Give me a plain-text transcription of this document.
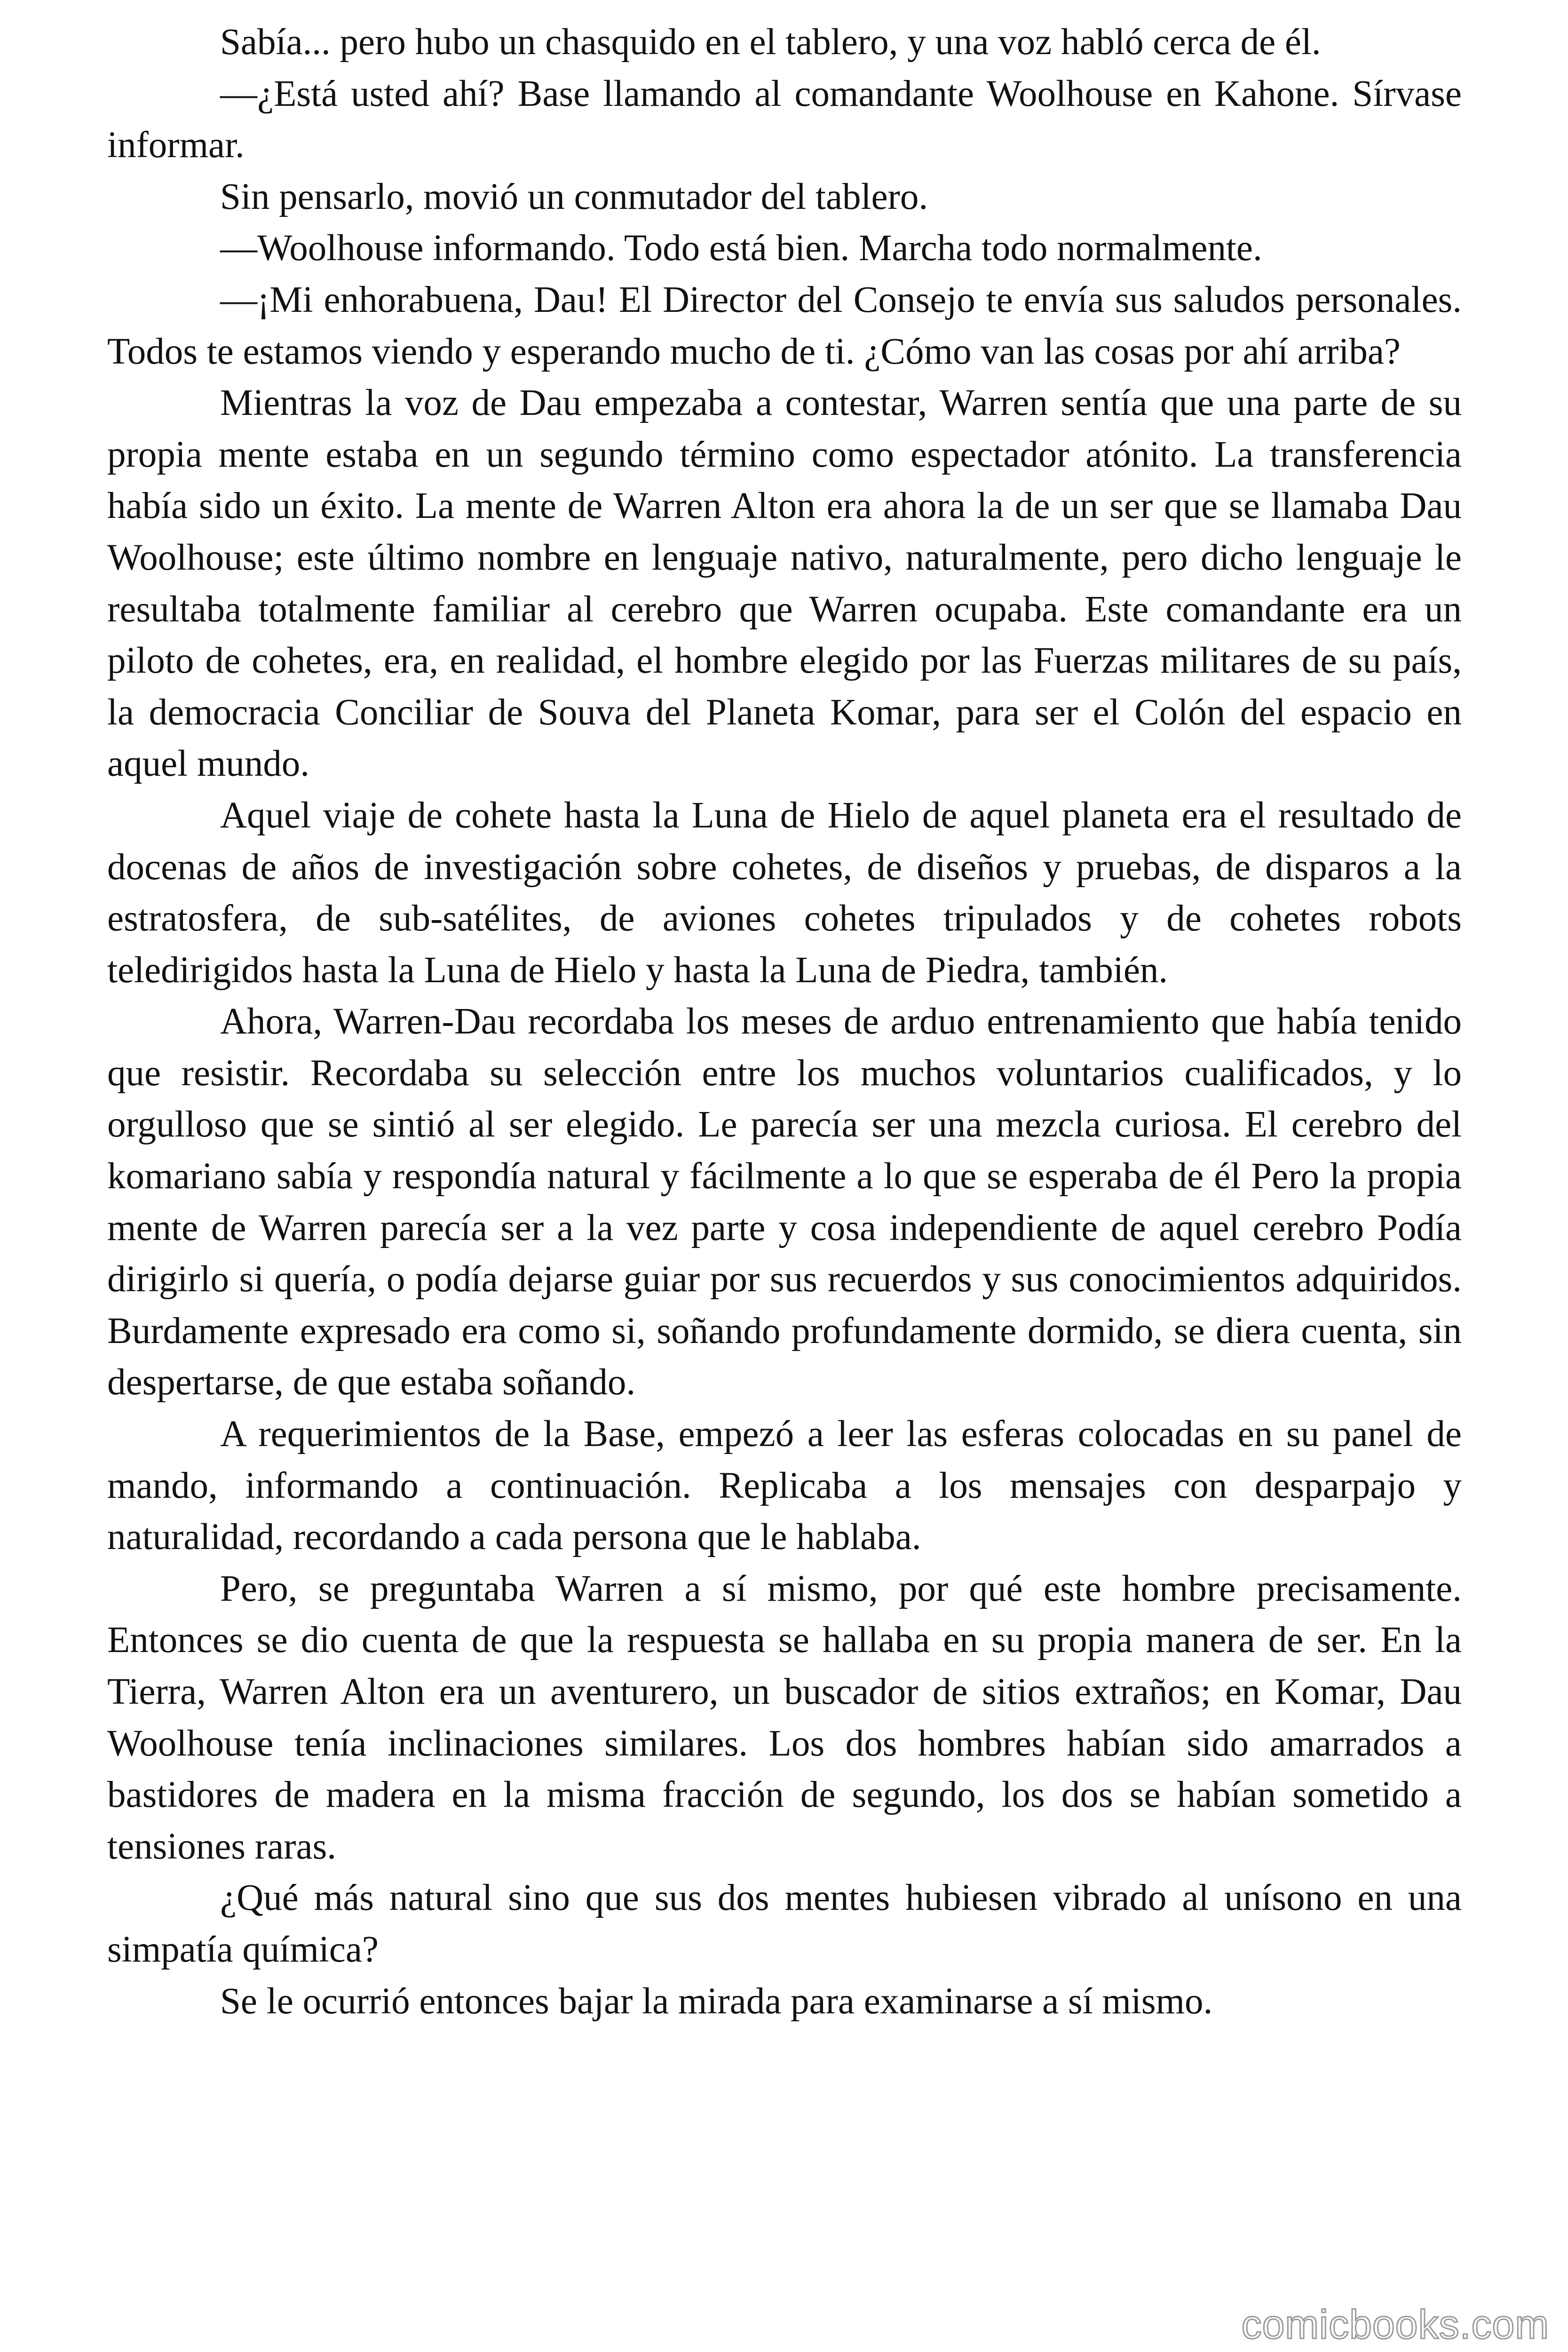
Sabía... pero hubo un chasquido en el tablero, y una voz habló cerca de él.

—¿Está usted ahí? Base llamando al comandante Woolhouse en Kahone. Sírvase informar.

Sin pensarlo, movió un conmutador del tablero.

—Woolhouse informando. Todo está bien. Marcha todo normalmente.

—¡Mi enhorabuena, Dau! El Director del Consejo te envía sus saludos personales. Todos te estamos viendo y esperando mucho de ti. ¿Cómo van las cosas por ahí arriba?

Mientras la voz de Dau empezaba a contestar, Warren sentía que una parte de su propia mente estaba en un segundo término como espectador atónito. La transferencia había sido un éxito. La mente de Warren Alton era ahora la de un ser que se llamaba Dau Woolhouse; este último nombre en lenguaje nativo, naturalmente, pero dicho lenguaje le resultaba totalmente familiar al cerebro que Warren ocupaba. Este comandante era un piloto de cohetes, era, en realidad, el hombre elegido por las Fuerzas militares de su país, la democracia Conciliar de Souva del Planeta Komar, para ser el Colón del espacio en aquel mundo.

Aquel viaje de cohete hasta la Luna de Hielo de aquel planeta era el resultado de docenas de años de investigación sobre cohetes, de diseños y pruebas, de disparos a la estratosfera, de sub-satélites, de aviones cohetes tripulados y de cohetes robots teledirigidos hasta la Luna de Hielo y hasta la Luna de Piedra, también.

Ahora, Warren-Dau recordaba los meses de arduo entrenamiento que había tenido que resistir. Recordaba su selección entre los muchos voluntarios cualificados, y lo orgulloso que se sintió al ser elegido. Le parecía ser una mezcla curiosa. El cerebro del komariano sabía y respondía natural y fácilmente a lo que se esperaba de él Pero la propia mente de Warren parecía ser a la vez parte y cosa independiente de aquel cerebro Podía dirigirlo si quería, o podía dejarse guiar por sus recuerdos y sus conocimientos adquiridos. Burdamente expresado era como si, soñando profundamente dormido, se diera cuenta, sin despertarse, de que estaba soñando.

A requerimientos de la Base, empezó a leer las esferas colocadas en su panel de mando, informando a continuación. Replicaba a los mensajes con desparpajo y naturalidad, recordando a cada persona que le hablaba.

Pero, se preguntaba Warren a sí mismo, por qué este hombre precisamente. Entonces se dio cuenta de que la respuesta se hallaba en su propia manera de ser. En la Tierra, Warren Alton era un aventurero, un buscador de sitios extraños; en Komar, Dau Woolhouse tenía inclinaciones similares. Los dos hombres habían sido amarrados a bastidores de madera en la misma fracción de segundo, los dos se habían sometido a tensiones raras.

¿Qué más natural sino que sus dos mentes hubiesen vibrado al unísono en una simpatía química?

Se le ocurrió entonces bajar la mirada para examinarse a sí mismo.

comicbooks.com
